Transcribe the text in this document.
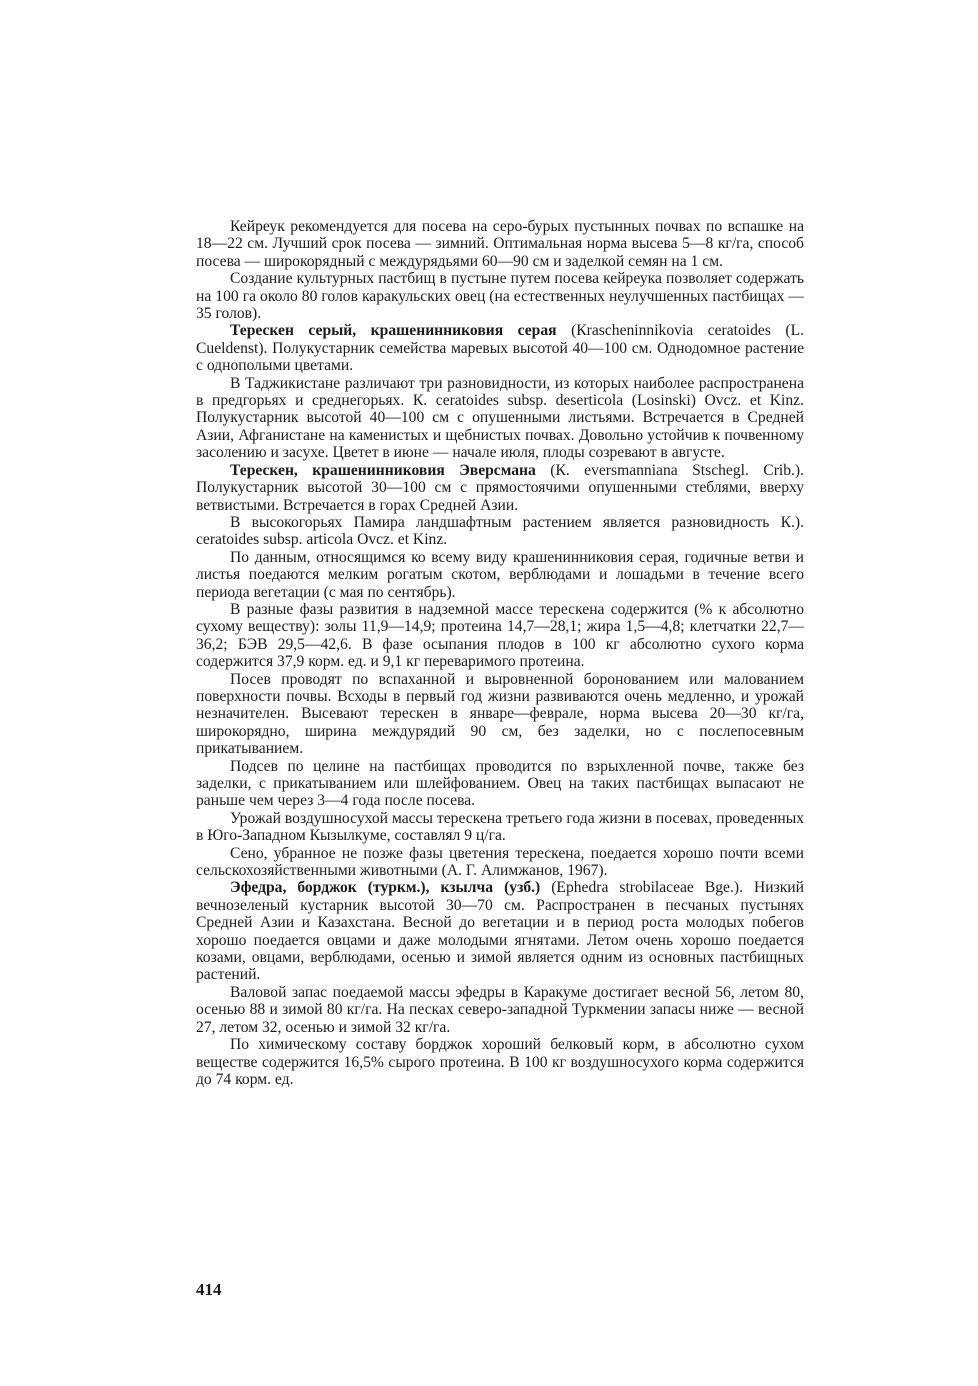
Кейреук рекомендуется для посева на серо-бурых пустынных почвах по вспашке на 18—22 см. Лучший срок посева — зимний. Оптимальная норма высева 5—8 кг/га, способ посева — широкорядный с междурядьями 60—90 см и заделкой семян на 1 см.

Создание культурных пастбищ в пустыне путем посева кейреука позволяет содержать на 100 га около 80 голов каракульских овец (на естественных неулучшенных пастбищах — 35 голов).

Терескен серый, крашенинниковия серая (Кraschenіnnіkovіa ceratoides (L. Cueldenst). Полукустарник семейства маревых высотой 40—100 см. Однодомное растение с однополыми цветами.

В Таджикистане различают три разновидности, из которых наиболее распространена в предгорьях и среднегорьях. К. ceratoides subsp. deserticola (Losinski) Ovcz. et Kinz. Полукустарник высотой 40—100 см с опушенными листьями. Встречается в Средней Азии, Афганистане на каменистых и щебнистых почвах. Довольно устойчив к почвенному засолению и засухе. Цветет в июне — начале июля, плоды созревают в августе.

Терескен, крашенинниковия Эверсмана (К. eversmanniana Stschegl. Crib.). Полукустарник высотой 30—100 см с прямостоячими опушенными стеблями, вверху ветвистыми. Встречается в горах Средней Азии.

В высокогорьях Памира ландшафтным растением является разновидность К.). ceratoides subsp. articola Ovcz. et Kinz.

По данным, относящимся ко всему виду крашенинниковия серая, годичные ветви и листья поедаются мелким рогатым скотом, верблюдами и лошадьми в течение всего периода вегетации (с мая по сентябрь).

В разные фазы развития в надземной массе терескена содержится (% к абсолютно сухому веществу): золы 11,9—14,9; протеина 14,7—28,1; жира 1,5—4,8; клетчатки 22,7—36,2; БЭВ 29,5—42,6. В фазе осыпания плодов в 100 кг абсолютно сухого корма содержится 37,9 корм. ед. и 9,1 кг переваримого протеина.

Посев проводят по вспаханной и выровненной боронованием или малованием поверхности почвы. Всходы в первый год жизни развиваются очень медленно, и урожай незначителен. Высевают терескен в январе—феврале, норма высева 20—30 кг/га, широкорядно, ширина междурядий 90 см, без заделки, но с послепосевным прикатыванием.

Подсев по целине на пастбищах проводится по взрыхленной почве, также без заделки, с прикатыванием или шлейфованием. Овец на таких пастбищах выпасают не раньше чем через 3—4 года после посева.

Урожай воздушносухой массы терескена третьего года жизни в посевах, проведенных в Юго-Западном Кызылкуме, составлял 9 ц/га.

Сено, убранное не позже фазы цветения терескена, поедается хорошо почти всеми сельскохозяйственными животными (А. Г. Алимжанов, 1967).

Эфедра, борджок (туркм.), кзылча (узб.) (Ephedra strobilaceae Bge.). Низкий вечнозеленый кустарник высотой 30—70 см. Распространен в песчаных пустынях Средней Азии и Казахстана. Весной до вегетации и в период роста молодых побегов хорошо поедается овцами и даже молодыми ягнятами. Летом очень хорошо поедается козами, овцами, верблюдами, осенью и зимой является одним из основных пастбищных растений.

Валовой запас поедаемой массы эфедры в Каракуме достигает весной 56, летом 80, осенью 88 и зимой 80 кг/га. На песках северо-западной Туркмении запасы ниже — весной 27, летом 32, осенью и зимой 32 кг/га.

По химическому составу борджок хороший белковый корм, в абсолютно сухом веществе содержится 16,5% сырого протеина. В 100 кг воздушносухого корма содержится до 74 корм. ед.

414
